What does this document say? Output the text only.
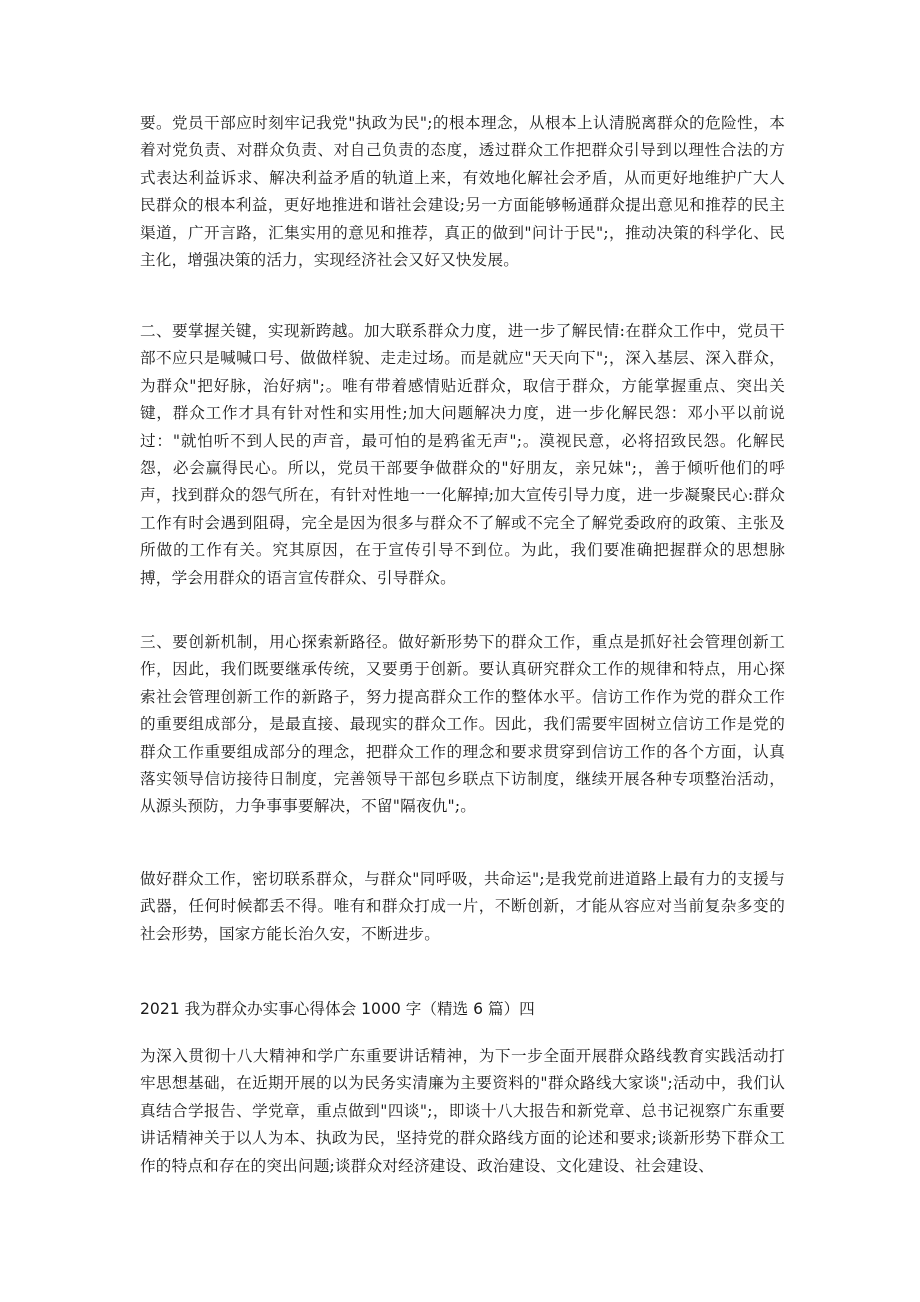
要。党员干部应时刻牢记我党"执政为民";的根本理念，从根本上认清脱离群众的危险性，本着对党负责、对群众负责、对自己负责的态度，透过群众工作把群众引导到以理性合法的方式表达利益诉求、解决利益矛盾的轨道上来，有效地化解社会矛盾，从而更好地维护广大人民群众的根本利益，更好地推进和谐社会建设;另一方面能够畅通群众提出意见和推荐的民主渠道，广开言路，汇集实用的意见和推荐，真正的做到"问计于民";，推动决策的科学化、民主化，增强决策的活力，实现经济社会又好又快发展。

二、要掌握关键，实现新跨越。加大联系群众力度，进一步了解民情:在群众工作中，党员干部不应只是喊喊口号、做做样貌、走走过场。而是就应"天天向下";，深入基层、深入群众，为群众"把好脉，治好病";。唯有带着感情贴近群众，取信于群众，方能掌握重点、突出关键，群众工作才具有针对性和实用性;加大问题解决力度，进一步化解民怨：邓小平以前说过："就怕听不到人民的声音，最可怕的是鸦雀无声";。漠视民意，必将招致民怨。化解民怨，必会赢得民心。所以，党员干部要争做群众的"好朋友，亲兄妹";，善于倾听他们的呼声，找到群众的怨气所在，有针对性地一一化解掉;加大宣传引导力度，进一步凝聚民心:群众工作有时会遇到阻碍，完全是因为很多与群众不了解或不完全了解党委政府的政策、主张及所做的工作有关。究其原因，在于宣传引导不到位。为此，我们要准确把握群众的思想脉搏，学会用群众的语言宣传群众、引导群众。

三、要创新机制，用心探索新路径。做好新形势下的群众工作，重点是抓好社会管理创新工作，因此，我们既要继承传统，又要勇于创新。要认真研究群众工作的规律和特点，用心探索社会管理创新工作的新路子，努力提高群众工作的整体水平。信访工作作为党的群众工作的重要组成部分，是最直接、最现实的群众工作。因此，我们需要牢固树立信访工作是党的群众工作重要组成部分的理念，把群众工作的理念和要求贯穿到信访工作的各个方面，认真落实领导信访接待日制度，完善领导干部包乡联点下访制度，继续开展各种专项整治活动，从源头预防，力争事事要解决，不留"隔夜仇";。

做好群众工作，密切联系群众，与群众"同呼吸，共命运";是我党前进道路上最有力的支援与武器，任何时候都丢不得。唯有和群众打成一片，不断创新，才能从容应对当前复杂多变的社会形势，国家方能长治久安，不断进步。

2021 我为群众办实事心得体会 1000 字（精选 6 篇）四

为深入贯彻十八大精神和学广东重要讲话精神，为下一步全面开展群众路线教育实践活动打牢思想基础，在近期开展的以为民务实清廉为主要资料的"群众路线大家谈";活动中，我们认真结合学报告、学党章，重点做到"四谈";，即谈十八大报告和新党章、总书记视察广东重要讲话精神关于以人为本、执政为民，坚持党的群众路线方面的论述和要求;谈新形势下群众工作的特点和存在的突出问题;谈群众对经济建设、政治建设、文化建设、社会建设、
